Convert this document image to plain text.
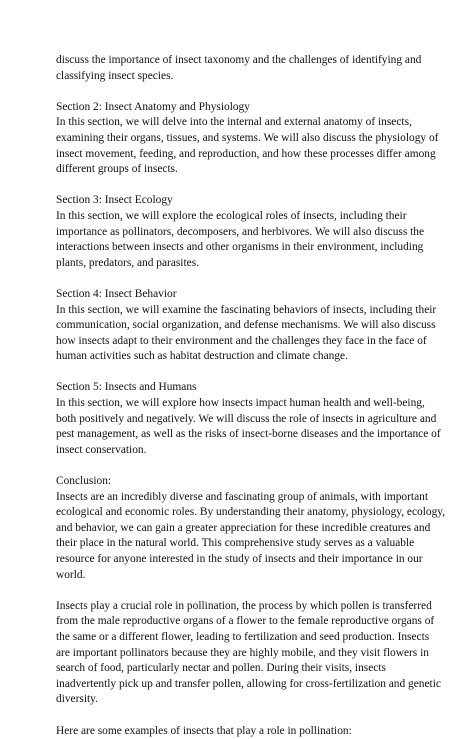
discuss the importance of insect taxonomy and the challenges of identifying and
classifying insect species.
Section 2: Insect Anatomy and Physiology
In this section, we will delve into the internal and external anatomy of insects,
examining their organs, tissues, and systems. We will also discuss the physiology of
insect movement, feeding, and reproduction, and how these processes differ among
different groups of insects.
Section 3: Insect Ecology
In this section, we will explore the ecological roles of insects, including their
importance as pollinators, decomposers, and herbivores. We will also discuss the
interactions between insects and other organisms in their environment, including
plants, predators, and parasites.
Section 4: Insect Behavior
In this section, we will examine the fascinating behaviors of insects, including their
communication, social organization, and defense mechanisms. We will also discuss
how insects adapt to their environment and the challenges they face in the face of
human activities such as habitat destruction and climate change.
Section 5: Insects and Humans
In this section, we will explore how insects impact human health and well-being,
both positively and negatively. We will discuss the role of insects in agriculture and
pest management, as well as the risks of insect-borne diseases and the importance of
insect conservation.
Conclusion:
Insects are an incredibly diverse and fascinating group of animals, with important
ecological and economic roles. By understanding their anatomy, physiology, ecology,
and behavior, we can gain a greater appreciation for these incredible creatures and
their place in the natural world. This comprehensive study serves as a valuable
resource for anyone interested in the study of insects and their importance in our
world.
Insects play a crucial role in pollination, the process by which pollen is transferred
from the male reproductive organs of a flower to the female reproductive organs of
the same or a different flower, leading to fertilization and seed production. Insects
are important pollinators because they are highly mobile, and they visit flowers in
search of food, particularly nectar and pollen. During their visits, insects
inadvertently pick up and transfer pollen, allowing for cross-fertilization and genetic
diversity.
Here are some examples of insects that play a role in pollination:
